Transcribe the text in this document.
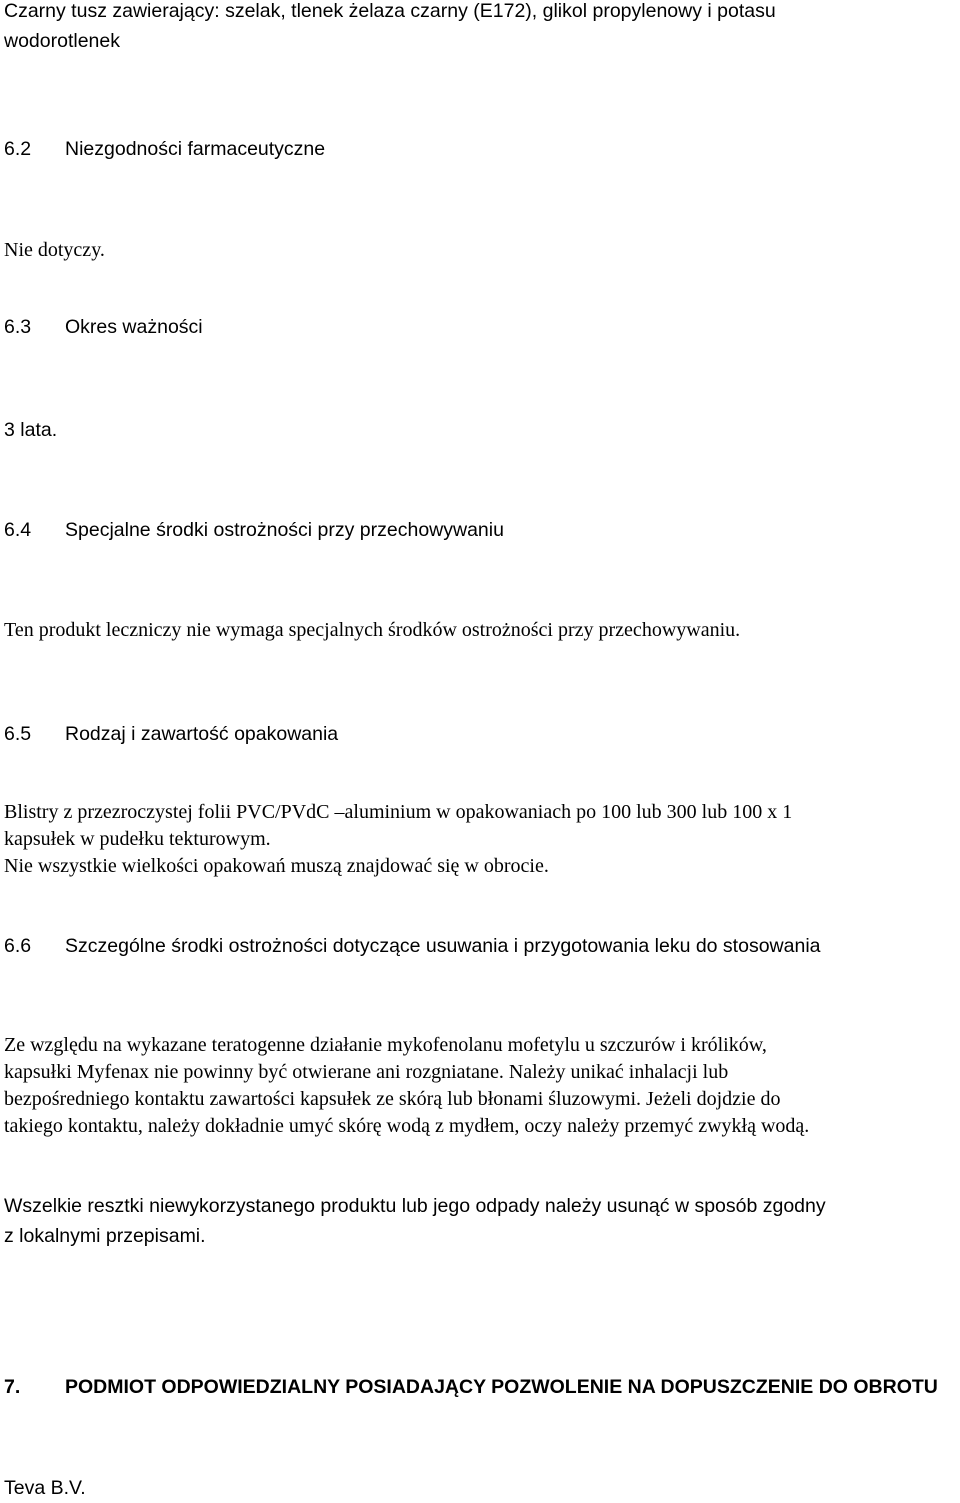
Czarny tusz zawierający: szelak, tlenek żelaza czarny (E172), glikol propylenowy i potasu
wodorotlenek

6.2 Niezgodności farmaceutyczne

Nie dotyczy.

6.3 Okres ważności

3 lata.

6.4 Specjalne środki ostrożności przy przechowywaniu

Ten produkt leczniczy nie wymaga specjalnych środków ostrożności przy przechowywaniu.

6.5 Rodzaj i zawartość opakowania

Blistry z przezroczystej folii PVC/PVdC –aluminium w opakowaniach po 100 lub 300 lub 100 x 1
kapsułek w pudełku tekturowym.
Nie wszystkie wielkości opakowań muszą znajdować się w obrocie.

6.6 Szczególne środki ostrożności dotyczące usuwania i przygotowania leku do stosowania

Ze względu na wykazane teratogenne działanie mykofenolanu mofetylu u szczurów i królików,
kapsułki Myfenax nie powinny być otwierane ani rozgniatane. Należy unikać inhalacji lub
bezpośredniego kontaktu zawartości kapsułek ze skórą lub błonami śluzowymi. Jeżeli dojdzie do
takiego kontaktu, należy dokładnie umyć skórę wodą z mydłem, oczy należy przemyć zwykłą wodą.

Wszelkie resztki niewykorzystanego produktu lub jego odpady należy usunąć w sposób zgodny
z lokalnymi przepisami.

7. PODMIOT ODPOWIEDZIALNY POSIADAJĄCY POZWOLENIE NA DOPUSZCZENIE DO OBROTU

Teva B.V.
